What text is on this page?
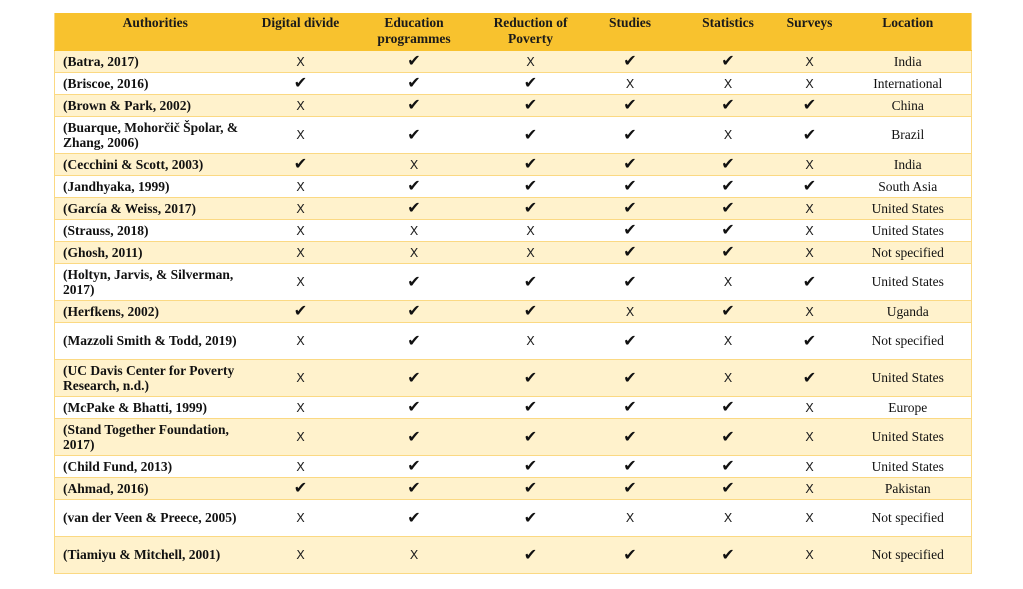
Authorities	Digital divide	Education programmes	Reduction of Poverty	Studies	Statistics	Surveys	Location
(Batra, 2017)	X	✔	X	✔	✔	X	India
(Briscoe, 2016)	✔	✔	✔	X	X	X	International
(Brown & Park, 2002)	X	✔	✔	✔	✔	✔	China
(Buarque, Mohorčič Špolar, & Zhang, 2006)	X	✔	✔	✔	X	✔	Brazil
(Cecchini & Scott, 2003)	✔	X	✔	✔	✔	X	India
(Jandhyaka, 1999)	X	✔	✔	✔	✔	✔	South Asia
(García & Weiss, 2017)	X	✔	✔	✔	✔	X	United States
(Strauss, 2018)	X	X	X	✔	✔	X	United States
(Ghosh, 2011)	X	X	X	✔	✔	X	Not specified
(Holtyn, Jarvis, & Silverman, 2017)	X	✔	✔	✔	X	✔	United States
(Herfkens, 2002)	✔	✔	✔	X	✔	X	Uganda
(Mazzoli Smith & Todd, 2019)	X	✔	X	✔	X	✔	Not specified
(UC Davis Center for Poverty Research, n.d.)	X	✔	✔	✔	X	✔	United States
(McPake & Bhatti, 1999)	X	✔	✔	✔	✔	X	Europe
(Stand Together Foundation, 2017)	X	✔	✔	✔	✔	X	United States
(Child Fund, 2013)	X	✔	✔	✔	✔	X	United States
(Ahmad, 2016)	✔	✔	✔	✔	✔	X	Pakistan
(van der Veen & Preece, 2005)	X	✔	✔	X	X	X	Not specified
(Tiamiyu & Mitchell, 2001)	X	X	✔	✔	✔	X	Not specified
